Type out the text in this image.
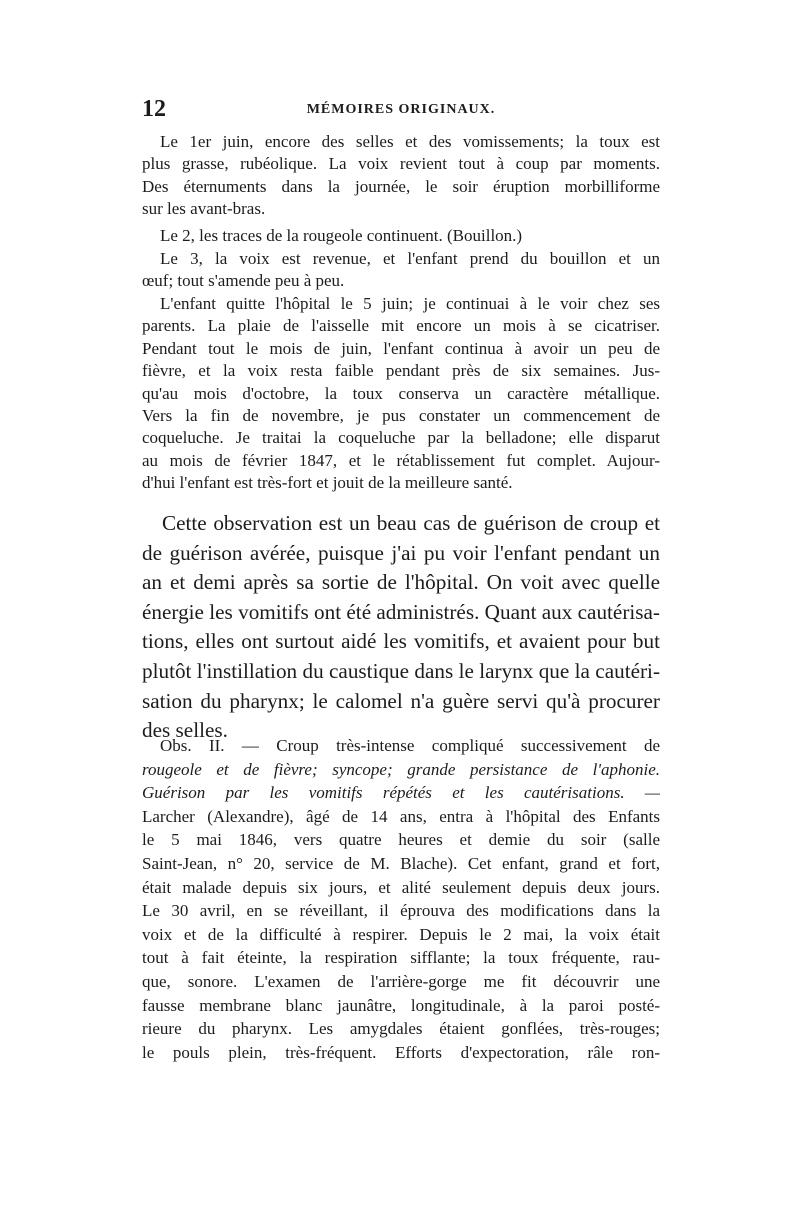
12	MÉMOIRES ORIGINAUX.
Le 1er juin, encore des selles et des vomissements; la toux est
plus grasse, rubéolique. La voix revient tout à coup par moments.
Des éternuments dans la journée, le soir éruption morbilliforme
sur les avant-bras.
Le 2, les traces de la rougeole continuent. (Bouillon.)
Le 3, la voix est revenue, et l'enfant prend du bouillon et un
œuf; tout s'amende peu à peu.
L'enfant quitte l'hôpital le 5 juin; je continuai à le voir chez ses
parents. La plaie de l'aisselle mit encore un mois à se cicatriser.
Pendant tout le mois de juin, l'enfant continua à avoir un peu de
fièvre, et la voix resta faible pendant près de six semaines. Jus-
qu'au mois d'octobre, la toux conserva un caractère métallique.
Vers la fin de novembre, je pus constater un commencement de
coqueluche. Je traitai la coqueluche par la belladone; elle disparut
au mois de février 1847, et le rétablissement fut complet. Aujour-
d'hui l'enfant est très-fort et jouit de la meilleure santé.
Cette observation est un beau cas de guérison de croup et
de guérison avérée, puisque j'ai pu voir l'enfant pendant un
an et demi après sa sortie de l'hôpital. On voit avec quelle
énergie les vomitifs ont été administrés. Quant aux cautérisa-
tions, elles ont surtout aidé les vomitifs, et avaient pour but
plutôt l'instillation du caustique dans le larynx que la cautéri-
sation du pharynx; le calomel n'a guère servi qu'à procurer
des selles.
Obs. II. — Croup très-intense compliqué successivement de
rougeole et de fièvre; syncope; grande persistance de l'aphonie.
Guérison par les vomitifs répétés et les cautérisations. —
Larcher (Alexandre), âgé de 14 ans, entra à l'hôpital des Enfants
le 5 mai 1846, vers quatre heures et demie du soir (salle
Saint-Jean, n° 20, service de M. Blache). Cet enfant, grand et fort,
était malade depuis six jours, et alité seulement depuis deux jours.
Le 30 avril, en se réveillant, il éprouva des modifications dans la
voix et de la difficulté à respirer. Depuis le 2 mai, la voix était
tout à fait éteinte, la respiration sifflante; la toux fréquente, rau-
que, sonore. L'examen de l'arrière-gorge me fit découvrir une
fausse membrane blanc jaunâtre, longitudinale, à la paroi posté-
rieure du pharynx. Les amygdales étaient gonflées, très-rouges;
le pouls plein, très-fréquent. Efforts d'expectoration, râle ron-
